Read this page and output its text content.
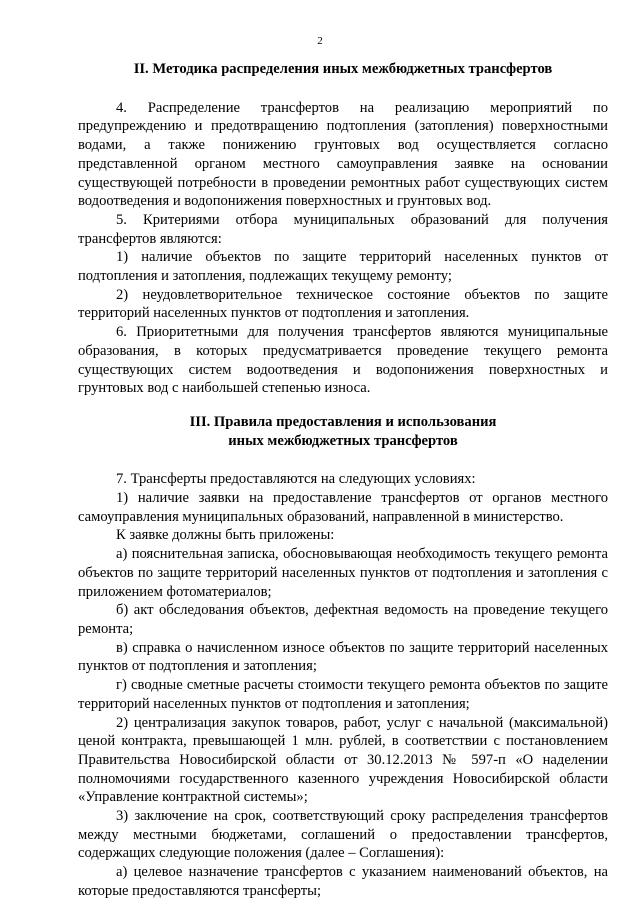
2
II. Методика распределения иных межбюджетных трансфертов

4. Распределение трансфертов на реализацию мероприятий по предупреждению и предотвращению подтопления (затопления) поверхностными водами, а также понижению грунтовых вод осуществляется согласно представленной органом местного самоуправления заявке на основании существующей потребности в проведении ремонтных работ существующих систем водоотведения и водопонижения поверхностных и грунтовых вод.

5. Критериями отбора муниципальных образований для получения трансфертов являются:

1) наличие объектов по защите территорий населенных пунктов от подтопления и затопления, подлежащих текущему ремонту;

2) неудовлетворительное техническое состояние объектов по защите территорий населенных пунктов от подтопления и затопления.

6. Приоритетными для получения трансфертов являются муниципальные образования, в которых предусматривается проведение текущего ремонта существующих систем водоотведения и водопонижения поверхностных и грунтовых вод с наибольшей степенью износа.

III. Правила предоставления и использования
иных межбюджетных трансфертов

7. Трансферты предоставляются на следующих условиях:

1) наличие заявки на предоставление трансфертов от органов местного самоуправления муниципальных образований, направленной в министерство.

К заявке должны быть приложены:

а) пояснительная записка, обосновывающая необходимость текущего ремонта объектов по защите территорий населенных пунктов от подтопления и затопления с приложением фотоматериалов;

б) акт обследования объектов, дефектная ведомость на проведение текущего ремонта;

в) справка о начисленном износе объектов по защите территорий населенных пунктов от подтопления и затопления;

г) сводные сметные расчеты стоимости текущего ремонта объектов по защите территорий населенных пунктов от подтопления и затопления;

2) централизация закупок товаров, работ, услуг с начальной (максимальной) ценой контракта, превышающей 1 млн. рублей, в соответствии с постановлением Правительства Новосибирской области от 30.12.2013 № 597-п «О наделении полномочиями государственного казенного учреждения Новосибирской области «Управление контрактной системы»;

3) заключение на срок, соответствующий сроку распределения трансфертов между местными бюджетами, соглашений о предоставлении трансфертов, содержащих следующие положения (далее – Соглашения):

а) целевое назначение трансфертов с указанием наименований объектов, на которые предоставляются трансферты;
